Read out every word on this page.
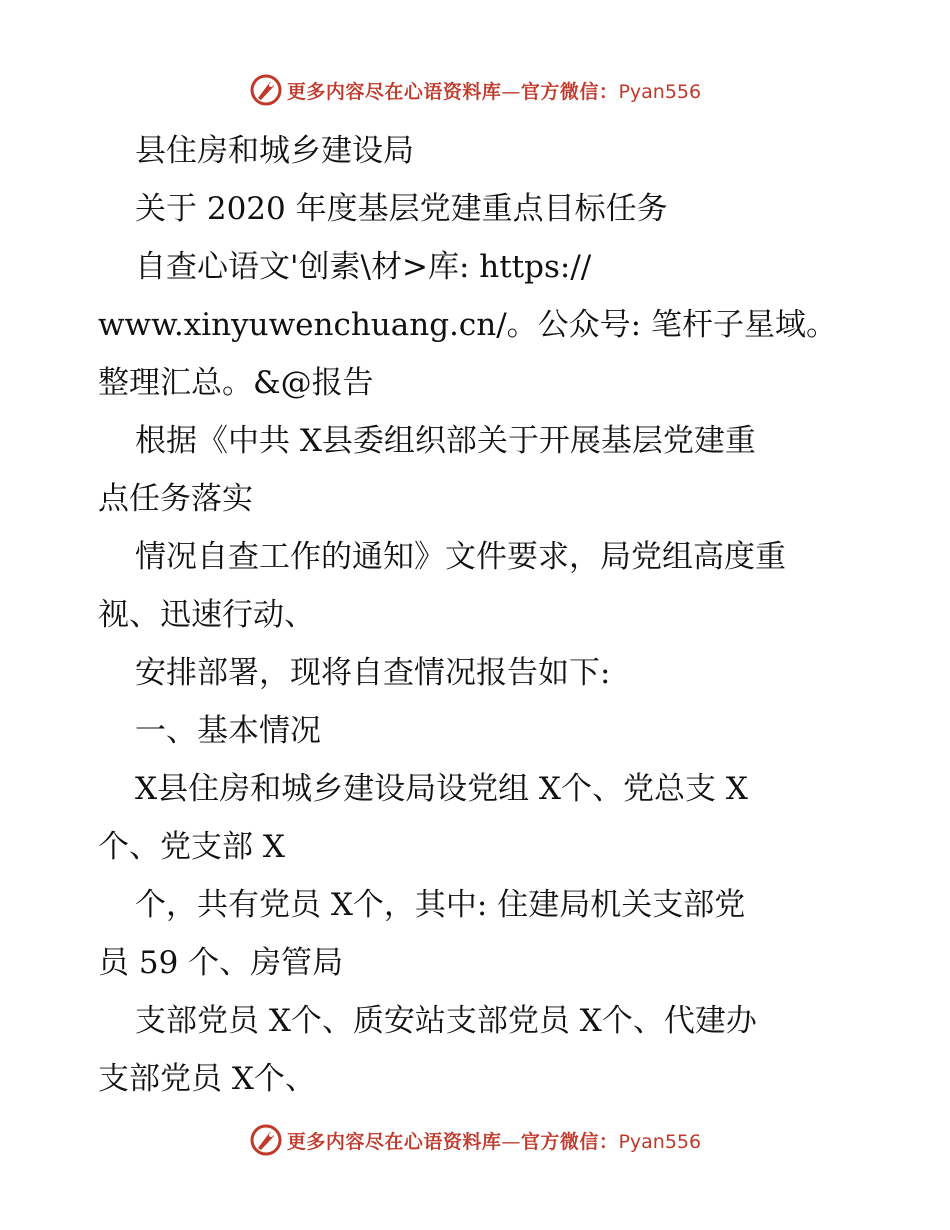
更多内容尽在心语资料库—官方微信：Pyan556
县住房和城乡建设局
关于 2020 年度基层党建重点目标任务
自查心语文'创素\材>库: https://
www.xinyuwenchuang.cn/。公众号: 笔杆子星域。
整理汇总。&@报告
根据《中共 X县委组织部关于开展基层党建重
点任务落实
情况自查工作的通知》文件要求，局党组高度重
视、迅速行动、
安排部署，现将自查情况报告如下:
一、基本情况
X县住房和城乡建设局设党组 X个、党总支 X
个、党支部 X
个，共有党员 X个，其中: 住建局机关支部党
员 59 个、房管局
支部党员 X个、质安站支部党员 X个、代建办
支部党员 X个、
更多内容尽在心语资料库—官方微信：Pyan556
